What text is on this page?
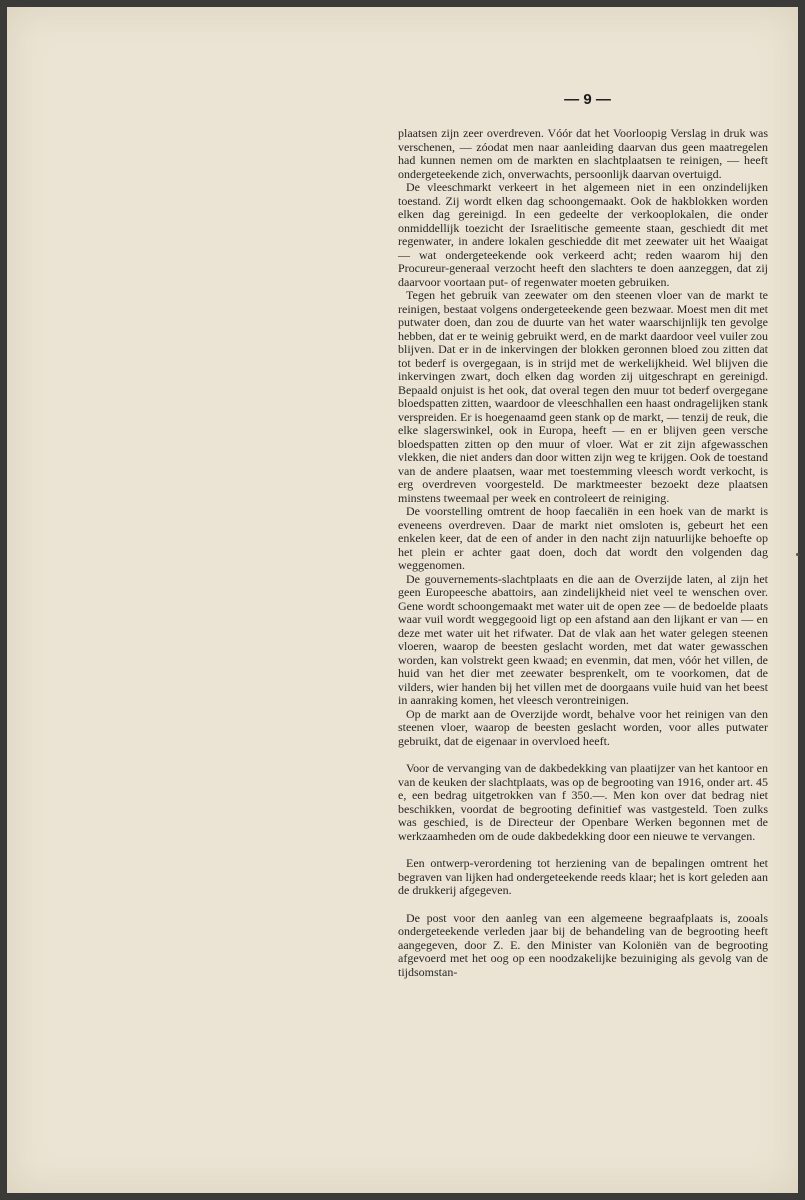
— 9 —

plaatsen zijn zeer overdreven. Vóór dat het Voorloopig Verslag in druk was verschenen, — zóodat men naar aanleiding daarvan dus geen maatregelen had kunnen nemen om de markten en slachtplaatsen te reinigen, — heeft ondergeteekende zich, onverwachts, persoonlijk daarvan overtuigd.

De vleeschmarkt verkeert in het algemeen niet in een onzindelijken toestand. Zij wordt elken dag schoongemaakt. Ook de hakblokken worden elken dag gereinigd. In een gedeelte der verkooplokalen, die onder onmiddellijk toezicht der Israelitische gemeente staan, geschiedt dit met regenwater, in andere lokalen geschiedde dit met zeewater uit het Waaigat — wat ondergeteekende ook verkeerd acht; reden waarom hij den Procureur-generaal verzocht heeft den slachters te doen aanzeggen, dat zij daarvoor voortaan put- of regenwater moeten gebruiken.

Tegen het gebruik van zeewater om den steenen vloer van de markt te reinigen, bestaat volgens ondergeteekende geen bezwaar. Moest men dit met putwater doen, dan zou de duurte van het water waarschijnlijk ten gevolge hebben, dat er te weinig gebruikt werd, en de markt daardoor veel vuiler zou blijven. Dat er in de inkervingen der blokken geronnen bloed zou zitten dat tot bederf is overgegaan, is in strijd met de werkelijkheid. Wel blijven die inkervingen zwart, doch elken dag worden zij uitgeschrapt en gereinigd. Bepaald onjuist is het ook, dat overal tegen den muur tot bederf overgegane bloedspatten zitten, waardoor de vleeschhallen een haast ondragelijken stank verspreiden. Er is hoegenaamd geen stank op de markt, — tenzij de reuk, die elke slagerswinkel, ook in Europa, heeft — en er blijven geen versche bloedspatten zitten op den muur of vloer. Wat er zit zijn afgewasschen vlekken, die niet anders dan door witten zijn weg te krijgen. Ook de toestand van de andere plaatsen, waar met toestemming vleesch wordt verkocht, is erg overdreven voorgesteld. De marktmeester bezoekt deze plaatsen minstens tweemaal per week en controleert de reiniging.

De voorstelling omtrent de hoop faecaliën in een hoek van de markt is eveneens overdreven. Daar de markt niet omsloten is, gebeurt het een enkelen keer, dat de een of ander in den nacht zijn natuurlijke behoefte op het plein er achter gaat doen, doch dat wordt den volgenden dag weggenomen.

De gouvernements-slachtplaats en die aan de Overzijde laten, al zijn het geen Europeesche abattoirs, aan zindelijkheid niet veel te wenschen over. Gene wordt schoongemaakt met water uit de open zee — de bedoelde plaats waar vuil wordt weggegooid ligt op een afstand aan den lijkant er van — en deze met water uit het rifwater. Dat de vlak aan het water gelegen steenen vloeren, waarop de beesten geslacht worden, met dat water gewasschen worden, kan volstrekt geen kwaad; en evenmin, dat men, vóór het villen, de huid van het dier met zeewater besprenkelt, om te voorkomen, dat de vilders, wier handen bij het villen met de doorgaans vuile huid van het beest in aanraking komen, het vleesch verontreinigen.

Op de markt aan de Overzijde wordt, behalve voor het reinigen van den steenen vloer, waarop de beesten geslacht worden, voor alles putwater gebruikt, dat de eigenaar in overvloed heeft.

Voor de vervanging van de dakbedekking van plaatijzer van het kantoor en van de keuken der slachtplaats, was op de begrooting van 1916, onder art. 45 e, een bedrag uitgetrokken van f 350.—. Men kon over dat bedrag niet beschikken, voordat de begrooting definitief was vastgesteld. Toen zulks was geschied, is de Directeur der Openbare Werken begonnen met de werkzaamheden om de oude dakbedekking door een nieuwe te vervangen.

Een ontwerp-verordening tot herziening van de bepalingen omtrent het begraven van lijken had ondergeteekende reeds klaar; het is kort geleden aan de drukkerij afgegeven.

De post voor den aanleg van een algemeene begraafplaats is, zooals ondergeteekende verleden jaar bij de behandeling van de begrooting heeft aangegeven, door Z. E. den Minister van Koloniën van de begrooting afgevoerd met het oog op een noodzakelijke bezuiniging als gevolg van de tijdsomstan-
